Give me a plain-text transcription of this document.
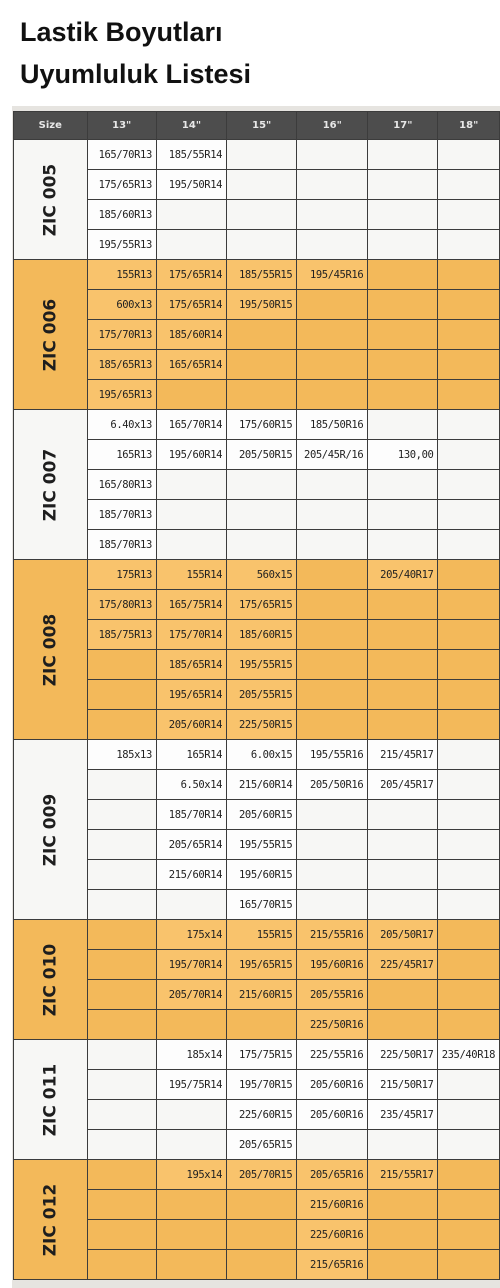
Lastik Boyutları
Uyumluluk Listesi
Size	13"	14"	15"	16"	17"	18"
ZIC 005	165/70R13	185/55R14				
	175/65R13	195/50R14				
	185/60R13					
	195/55R13					
ZIC 006	155R13	175/65R14	185/55R15	195/45R16		
	600x13	175/65R14	195/50R15			
	175/70R13	185/60R14				
	185/65R13	165/65R14				
	195/65R13					
ZIC 007	6.40x13	165/70R14	175/60R15	185/50R16		
	165R13	195/60R14	205/50R15	205/45R/16	130,00	
	165/80R13					
	185/70R13					
	185/70R13					
ZIC 008	175R13	155R14	560x15		205/40R17	
	175/80R13	165/75R14	175/65R15			
	185/75R13	175/70R14	185/60R15			
		185/65R14	195/55R15			
		195/65R14	205/55R15			
		205/60R14	225/50R15			
ZIC 009	185x13	165R14	6.00x15	195/55R16	215/45R17	
		6.50x14	215/60R14	205/50R16	205/45R17	
		185/70R14	205/60R15			
		205/65R14	195/55R15			
		215/60R14	195/60R15			
			165/70R15			
ZIC 010		175x14	155R15	215/55R16	205/50R17	
		195/70R14	195/65R15	195/60R16	225/45R17	
		205/70R14	215/60R15	205/55R16		
				225/50R16		
ZIC 011		185x14	175/75R15	225/55R16	225/50R17	235/40R18
		195/75R14	195/70R15	205/60R16	215/50R17	
			225/60R15	205/60R16	235/45R17	
			205/65R15			
ZIC 012		195x14	205/70R15	205/65R16	215/55R17	
				215/60R16		
				225/60R16		
				215/65R16		
